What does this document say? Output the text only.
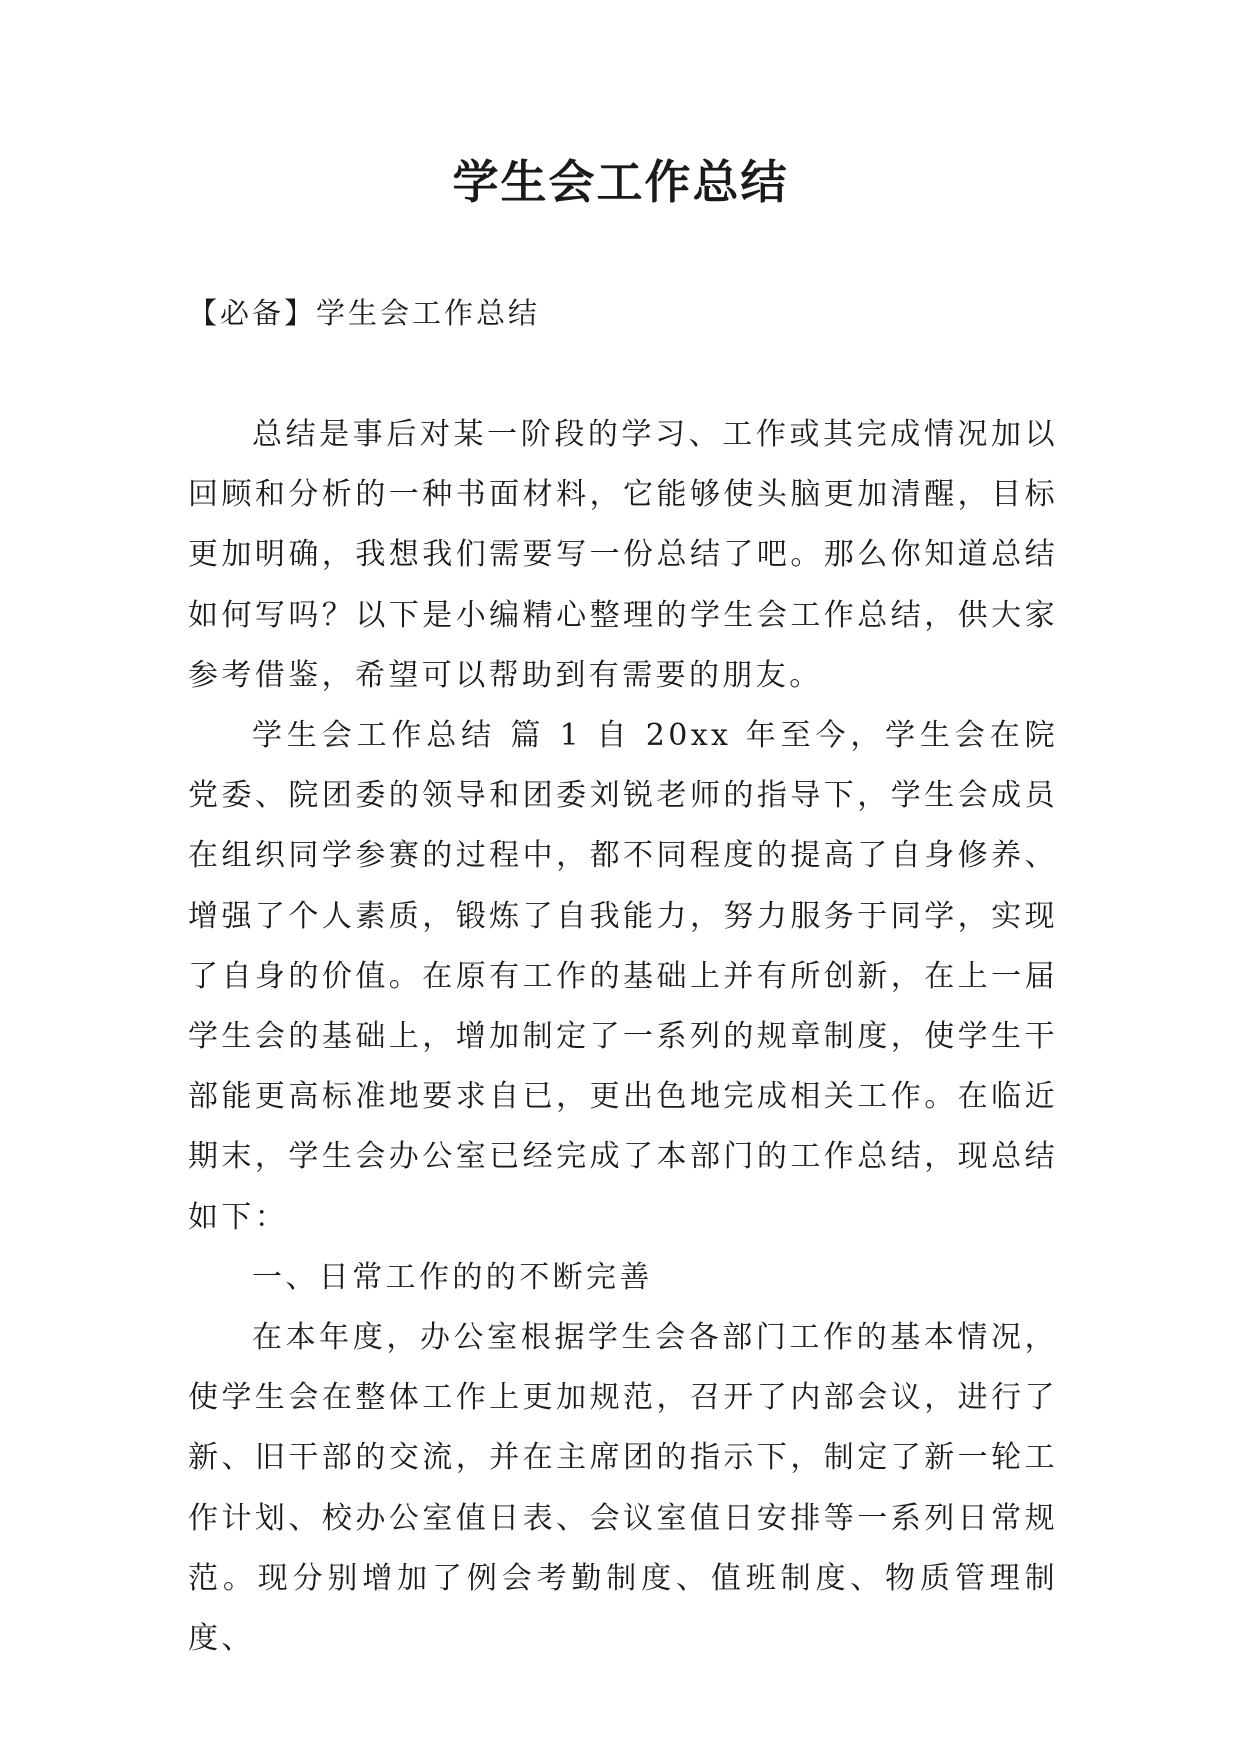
学生会工作总结
【必备】学生会工作总结

总结是事后对某一阶段的学习、工作或其完成情况加以回顾和分析的一种书面材料，它能够使头脑更加清醒，目标更加明确，我想我们需要写一份总结了吧。那么你知道总结如何写吗？以下是小编精心整理的学生会工作总结，供大家参考借鉴，希望可以帮助到有需要的朋友。

学生会工作总结 篇 1 自 20xx 年至今，学生会在院党委、院团委的领导和团委刘锐老师的指导下，学生会成员在组织同学参赛的过程中，都不同程度的提高了自身修养、增强了个人素质，锻炼了自我能力，努力服务于同学，实现了自身的价值。在原有工作的基础上并有所创新，在上一届学生会的基础上，增加制定了一系列的规章制度，使学生干部能更高标准地要求自已，更出色地完成相关工作。在临近期末，学生会办公室已经完成了本部门的工作总结，现总结如下：

一、日常工作的的不断完善

在本年度，办公室根据学生会各部门工作的基本情况，使学生会在整体工作上更加规范，召开了内部会议，进行了新、旧干部的交流，并在主席团的指示下，制定了新一轮工作计划、校办公室值日表、会议室值日安排等一系列日常规范。现分别增加了例会考勤制度、值班制度、物质管理制度、
